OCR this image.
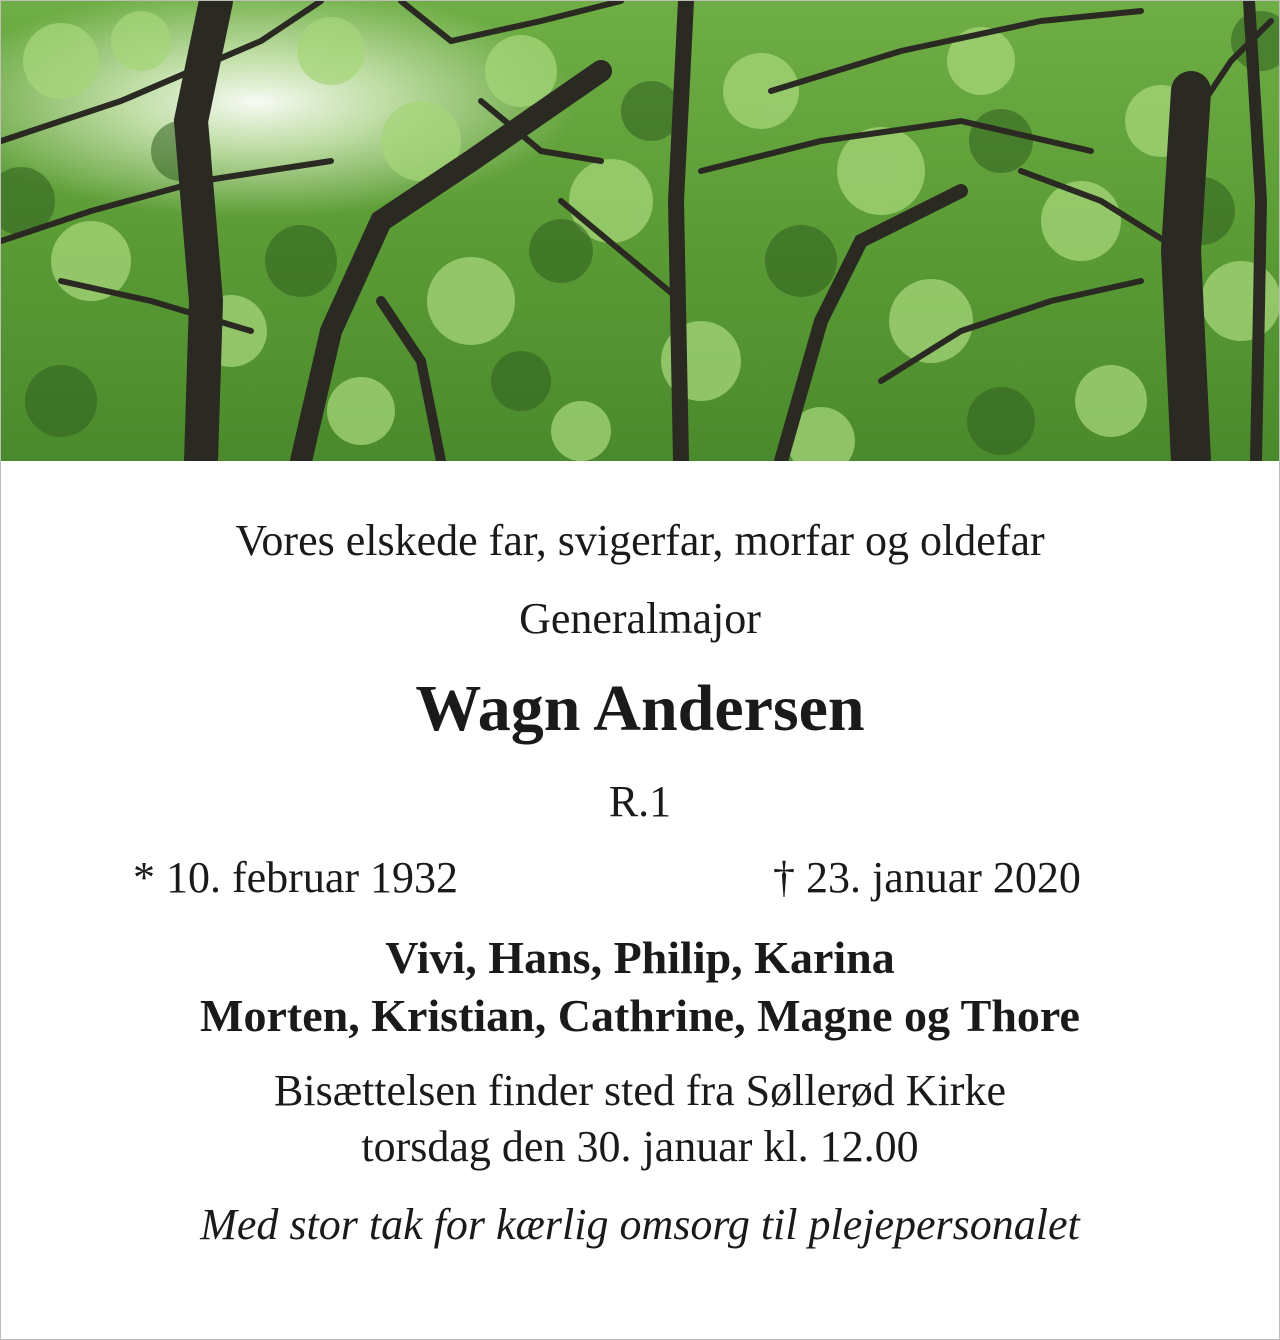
Vores elskede far, svigerfar, morfar og oldefar
Generalmajor
Wagn Andersen
R.1
* 10. februar 1932	† 23. januar 2020
Vivi, Hans, Philip, Karina
Morten, Kristian, Cathrine, Magne og Thore
Bisættelsen finder sted fra Søllerød Kirke
torsdag den 30. januar kl. 12.00
Med stor tak for kærlig omsorg til plejepersonalet
